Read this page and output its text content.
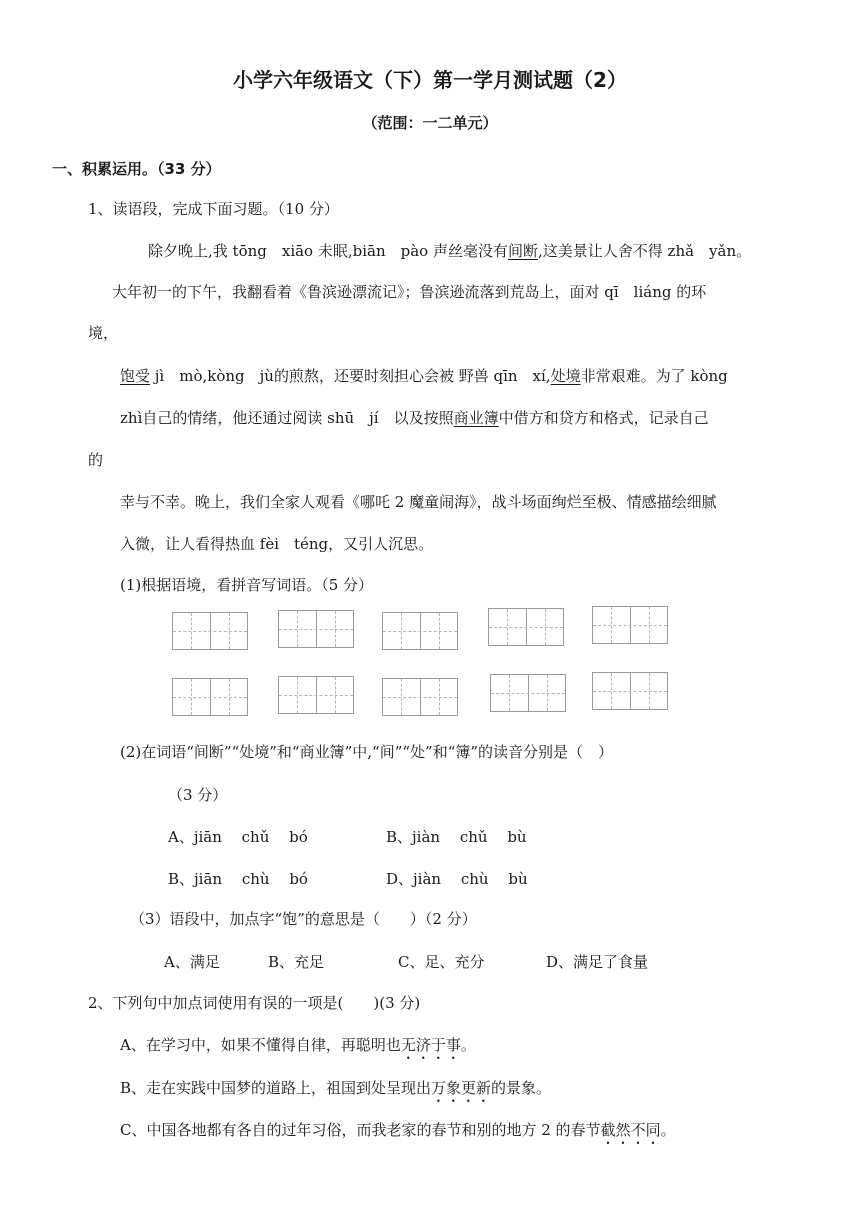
小学六年级语文（下）第一学月测试题（2）
（范围：一二单元）
一、积累运用。（33 分）
1、读语段，完成下面习题。（10 分）
除夕晚上,我 tōng　xiāo 未眠,biān　pào 声丝毫没有间断,这美景让人舍不得 zhǎ　yǎn。
大年初一的下午，我翻看着《鲁滨逊漂流记》；鲁滨逊流落到荒岛上，面对 qī　liáng 的环
境，
饱受 jì　mò,kòng　jù的煎熬，还要时刻担心会被 野兽 qīn　xí,处境非常艰难。为了 kòng
zhì自己的情绪，他还通过阅读 shū　jí　以及按照商业簿中借方和贷方和格式，记录自己
的
幸与不幸。晚上，我们全家人观看《哪吒 2 魔童闹海》，战斗场面绚烂至极、情感描绘细腻
入微，让人看得热血 fèi　téng，又引人沉思。
(1)根据语境，看拼音写词语。（5 分）
(2)在词语“间断”“处境”和“商业簿”中,“间”“处”和“簿”的读音分别是（　）
（3 分）
A、jiān　 chǔ　 bó	B、jiàn　 chǔ　 bù
B、jiān　 chù　 bó	D、jiàn　 chù　 bù
（3）语段中，加点字“饱”的意思是（　　）（2 分）
A、满足	B、充足	C、足、充分	D、满足了食量
2、下列句中加点词使用有误的一项是(　　)(3 分)
A、在学习中，如果不懂得自律，再聪明也无济于事。
B、走在实践中国梦的道路上，祖国到处呈现出万象更新的景象。
C、中国各地都有各自的过年习俗，而我老家的春节和别的地方 2 的春节截然不同。
